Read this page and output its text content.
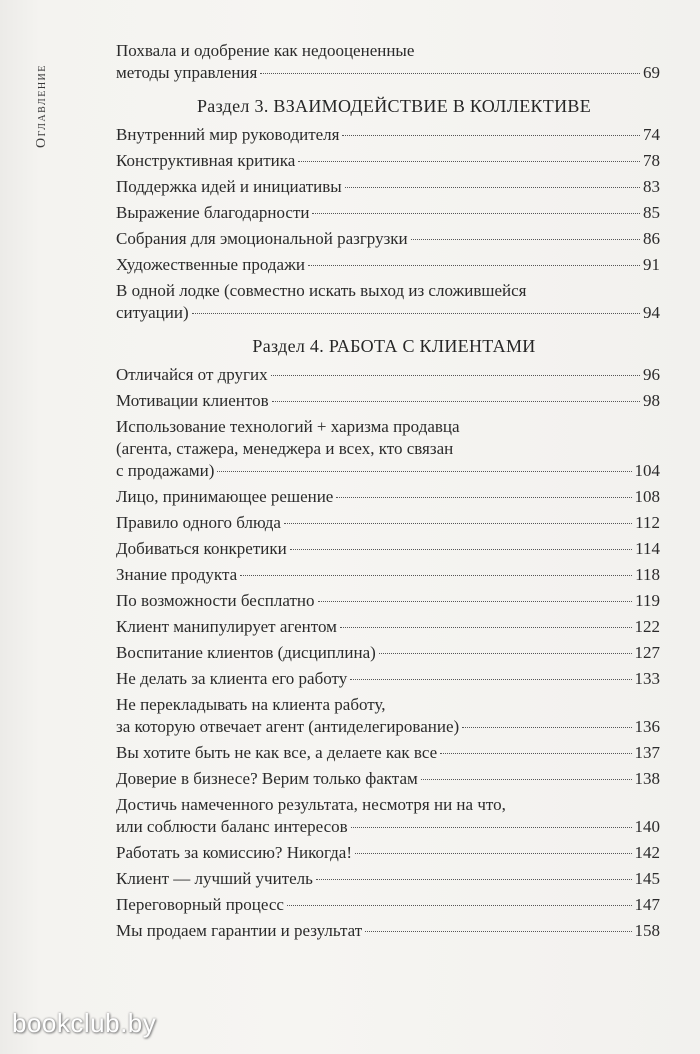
Оглавление
Похвала и одобрение как недооцененные
методы управления	69
Раздел 3. ВЗАИМОДЕЙСТВИЕ В КОЛЛЕКТИВЕ
Внутренний мир руководителя	74
Конструктивная критика	78
Поддержка идей и инициативы	83
Выражение благодарности	85
Собрания для эмоциональной разгрузки	86
Художественные продажи	91
В одной лодке (совместно искать выход из сложившейся
ситуации)	94
Раздел 4. РАБОТА С КЛИЕНТАМИ
Отличайся от других	96
Мотивации клиентов	98
Использование технологий + харизма продавца
(агента, стажера, менеджера и всех, кто связан
с продажами)	104
Лицо, принимающее решение	108
Правило одного блюда	112
Добиваться конкретики	114
Знание продукта	118
По возможности бесплатно	119
Клиент манипулирует агентом	122
Воспитание клиентов (дисциплина)	127
Не делать за клиента его работу	133
Не перекладывать на клиента работу,
за которую отвечает агент (антиделегирование)	136
Вы хотите быть не как все, а делаете как все	137
Доверие в бизнесе? Верим только фактам	138
Достичь намеченного результата, несмотря ни на что,
или соблюсти баланс интересов	140
Работать за комиссию? Никогда!	142
Клиент — лучший учитель	145
Переговорный процесс	147
Мы продаем гарантии и результат	158
bookclub.by
